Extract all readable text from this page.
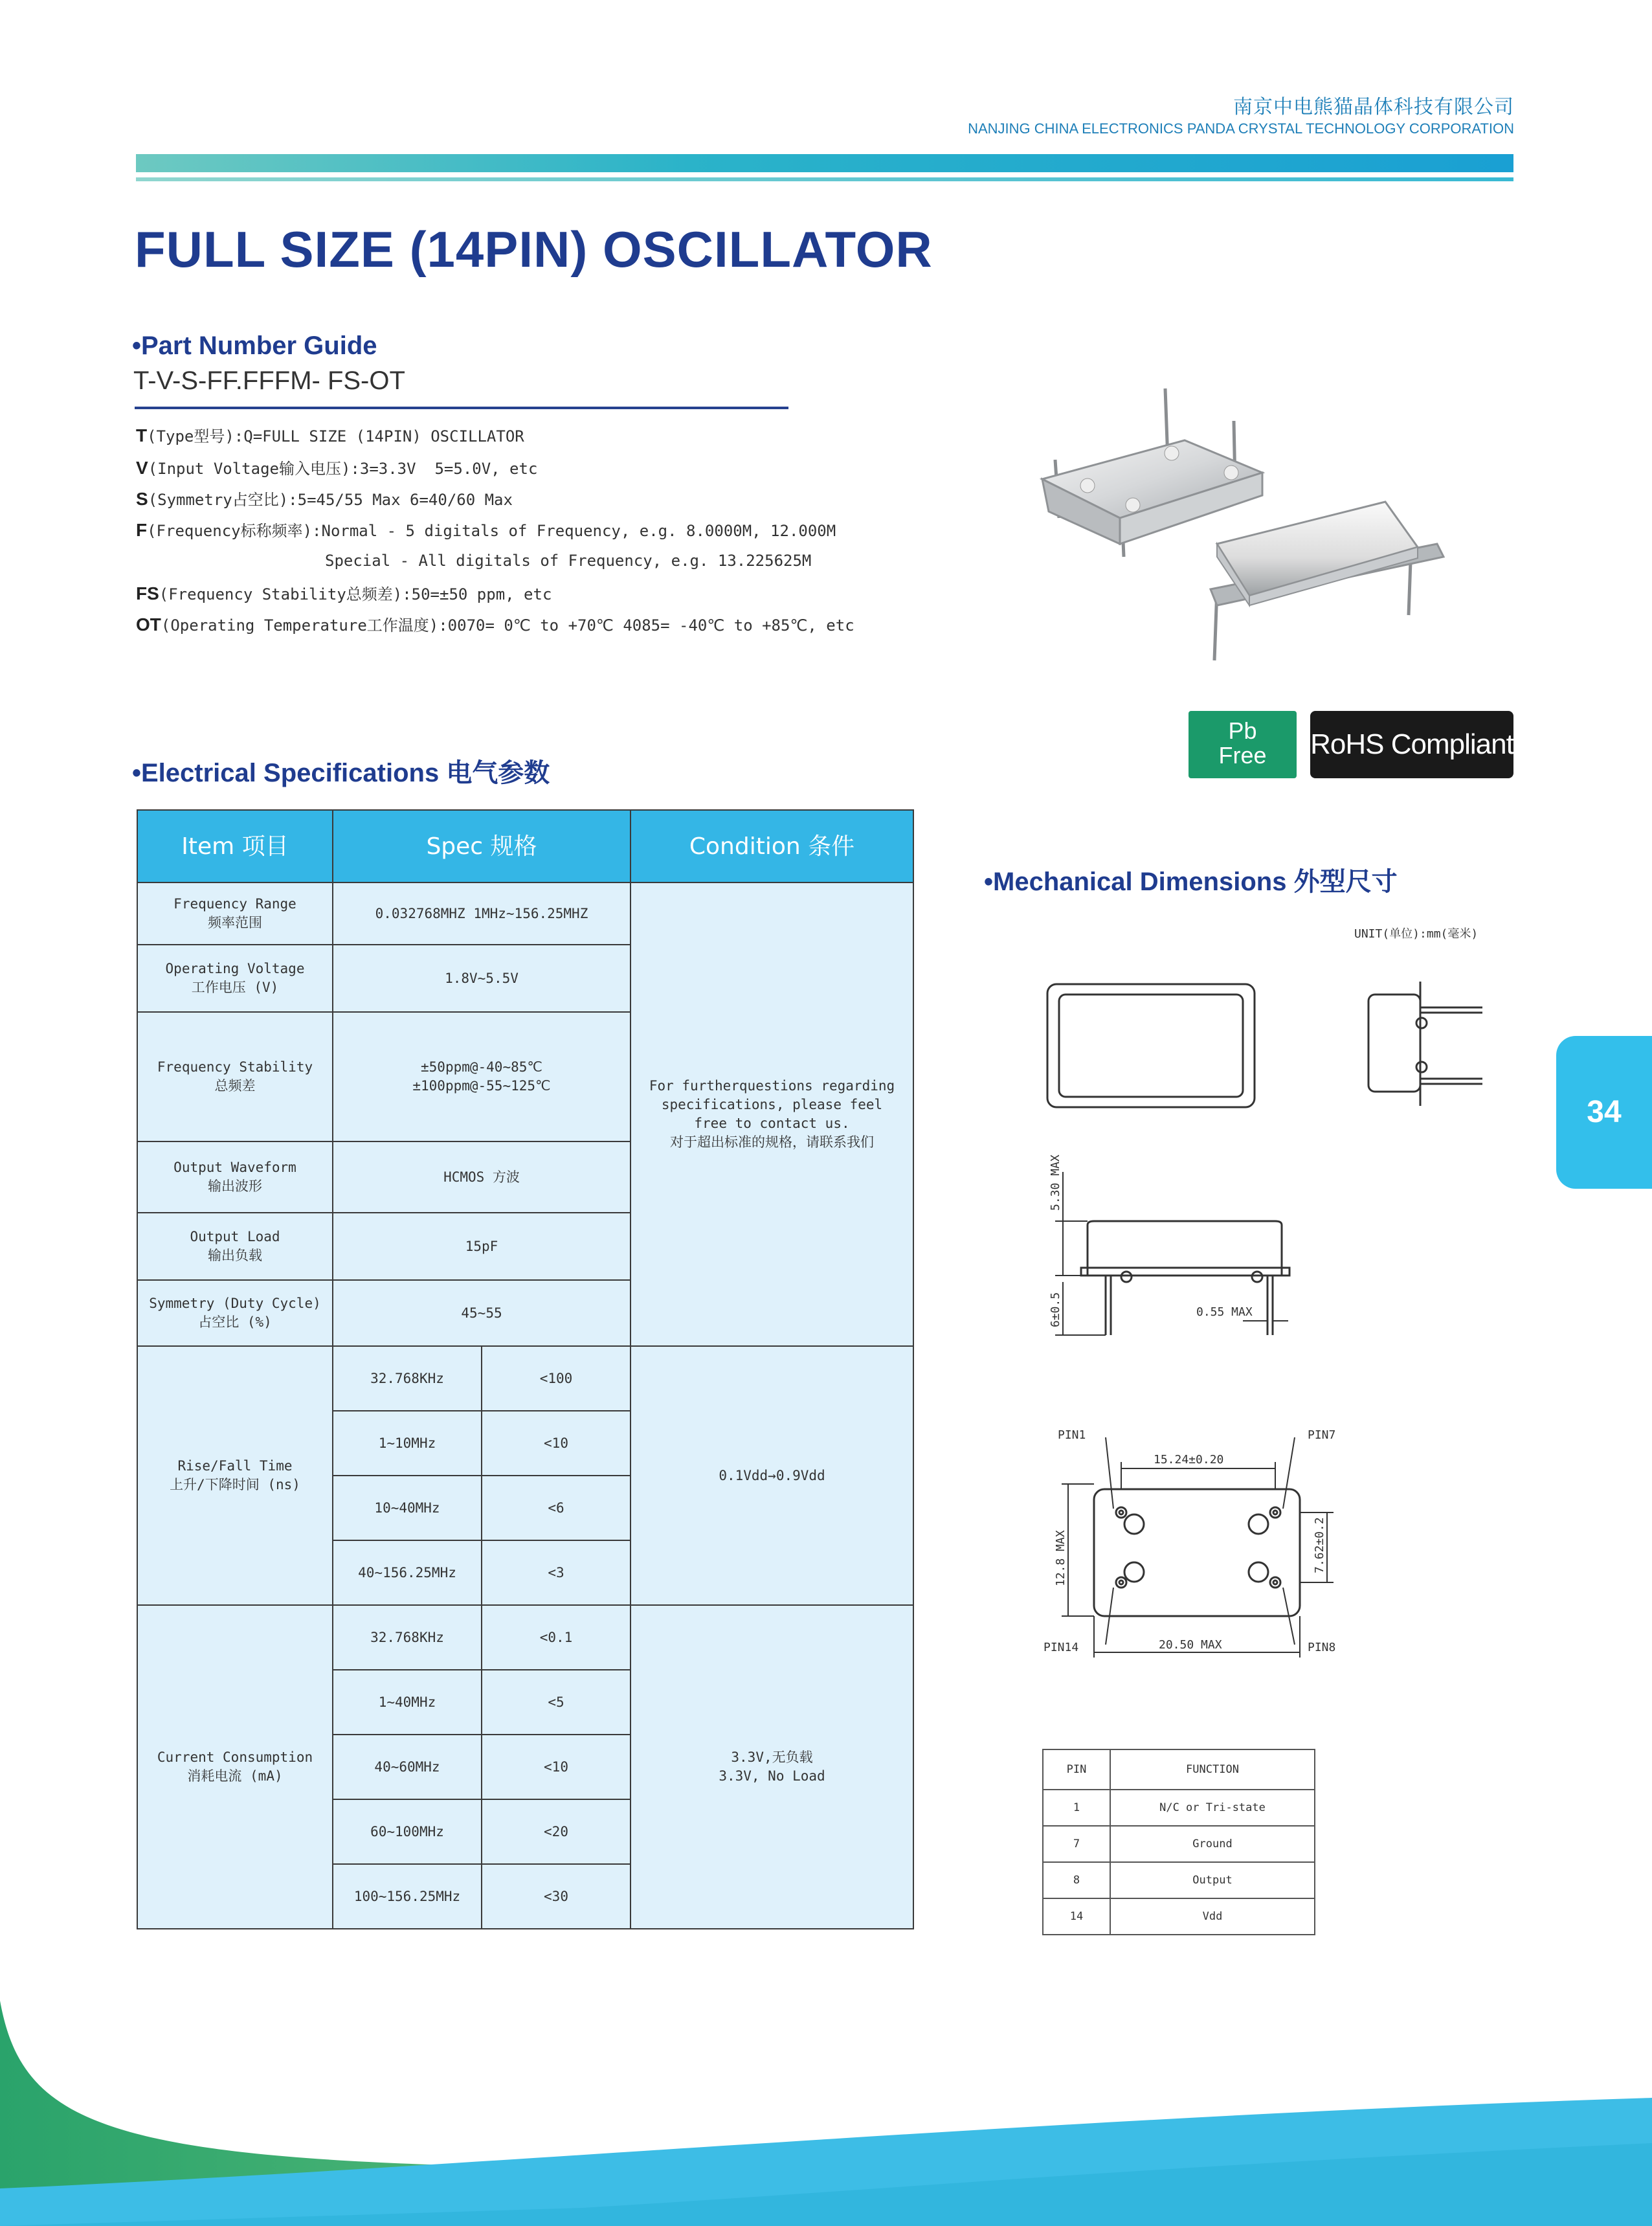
南京中电熊猫晶体科技有限公司
NANJING CHINA ELECTRONICS PANDA CRYSTAL TECHNOLOGY CORPORATION
FULL SIZE (14PIN) OSCILLATOR
•Part Number Guide
T-V-S-FF.FFFM- FS-OT
T(Type型号):Q=FULL SIZE (14PIN) OSCILLATOR
V(Input Voltage输入电压):3=3.3V  5=5.0V, etc
S(Symmetry占空比):5=45/55 Max 6=40/60 Max
F(Frequency标称频率):Normal - 5 digitals of Frequency, e.g. 8.0000M, 12.000M
Special - All digitals of Frequency, e.g. 13.225625M
FS(Frequency Stability总频差):50=±50 ppm, etc
OT(Operating Temperature工作温度):0070= 0℃ to +70℃ 4085= -40℃ to +85℃, etc
Pb
Free	RoHS Compliant
•Electrical Specifications 电气参数
Item 项目	Spec 规格		Condition 条件

Frequency Range
频率范围	0.032768MHZ 1MHz~156.25MHZ		For furtherquestions regarding
specifications, please feel
free to contact us.
对于超出标准的规格，请联系我们

Operating Voltage
工作电压 (V)	1.8V~5.5V		

Frequency Stability
总频差	±50ppm@-40~85℃
±100ppm@-55~125℃		

Output Waveform
输出波形	HCMOS 方波		

Output Load
输出负载	15pF		

Symmetry (Duty Cycle)
占空比 (%)	45~55		

Rise/Fall Time
上升/下降时间 (ns)	32.768KHz	<100	0.1Vdd→0.9Vdd
	1~10MHz	<10	
	10~40MHz	<6	
	40~156.25MHz	<3	

Current Consumption
消耗电流 (mA)	32.768KHz	<0.1	3.3V,无负载
3.3V, No Load

	1~40MHz	<5	
	40~60MHz	<10	
	60~100MHz	<20	
	100~156.25MHz	<30	
•Mechanical Dimensions 外型尺寸
UNIT(单位):mm(毫米)
5.30 MAX
6±0.5	0.55 MAX
15.24±0.20
7.62±0.2
12.8 MAX
20.50 MAX
PIN1	PIN7
PIN14	PIN8
PIN	FUNCTION
1	N/C or Tri-state
7	Ground
8	Output
14	Vdd
34
